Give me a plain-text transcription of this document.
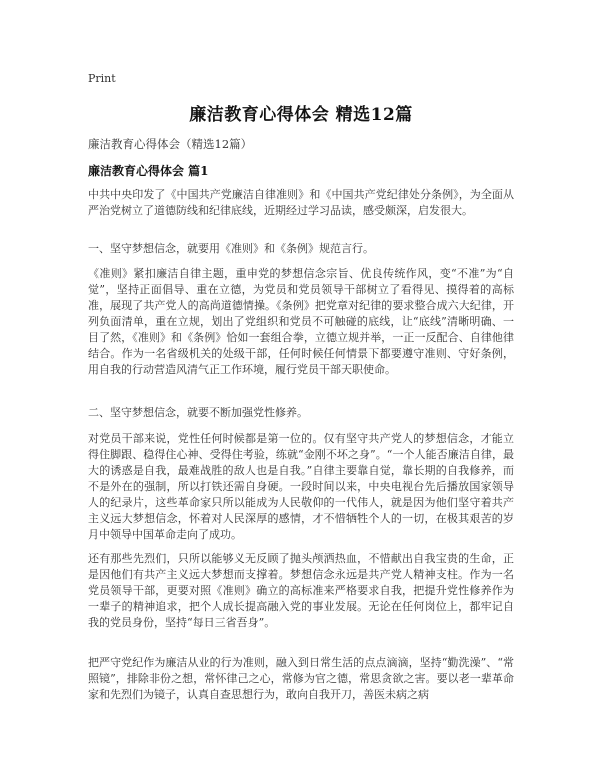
Print
廉洁教育心得体会 精选12篇
廉洁教育心得体会（精选12篇）
廉洁教育心得体会 篇1

中共中央印发了《中国共产党廉洁自律准则》和《中国共产党纪律处分条例》，为全面从严治党树立了道德防线和纪律底线，近期经过学习品读，感受颇深，启发很大。

一、坚守梦想信念，就要用《准则》和《条例》规范言行。

《准则》紧扣廉洁自律主题，重申党的梦想信念宗旨、优良传统作风，变“不准”为“自觉”，坚持正面倡导、重在立德，为党员和党员领导干部树立了看得见、摸得着的高标准，展现了共产党人的高尚道德情操。《条例》把党章对纪律的要求整合成六大纪律，开列负面清单，重在立规，划出了党组织和党员不可触碰的底线，让“底线”清晰明确、一目了然，《准则》和《条例》恰如一套组合拳，立德立规并举，一正一反配合、自律他律结合。作为一名省级机关的处级干部，任何时候任何情景下都要遵守准则、守好条例，用自我的行动营造风清气正工作环境，履行党员干部天职使命。

二、坚守梦想信念，就要不断加强党性修养。

对党员干部来说，党性任何时候都是第一位的。仅有坚守共产党人的梦想信念，才能立得住脚跟、稳得住心神、受得住考验，练就“金刚不坏之身”。“一个人能否廉洁自律，最大的诱惑是自我，最难战胜的敌人也是自我。”自律主要靠自觉，靠长期的自我修养，而不是外在的强制，所以打铁还需自身硬。一段时间以来，中央电视台先后播放国家领导人的纪录片，这些革命家只所以能成为人民敬仰的一代伟人，就是因为他们坚守着共产主义远大梦想信念，怀着对人民深厚的感情，才不惜牺牲个人的一切，在极其艰苦的岁月中领导中国革命走向了成功。

还有那些先烈们，只所以能够义无反顾了抛头颅洒热血，不惜献出自我宝贵的生命，正是因他们有共产主义远大梦想而支撑着。梦想信念永远是共产党人精神支柱。作为一名党员领导干部，更要对照《准则》确立的高标准来严格要求自我，把提升党性修养作为一辈子的精神追求，把个人成长提高融入党的事业发展。无论在任何岗位上，都牢记自我的党员身份，坚持“每日三省吾身”。

把严守党纪作为廉洁从业的行为准则，融入到日常生活的点点滴滴，坚持“勤洗澡”、“常照镜”，排除非份之想，常怀律己之心，常修为官之德，常思贪欲之害。要以老一辈革命家和先烈们为镜子，认真自查思想行为，敢向自我开刀，善医未病之病
